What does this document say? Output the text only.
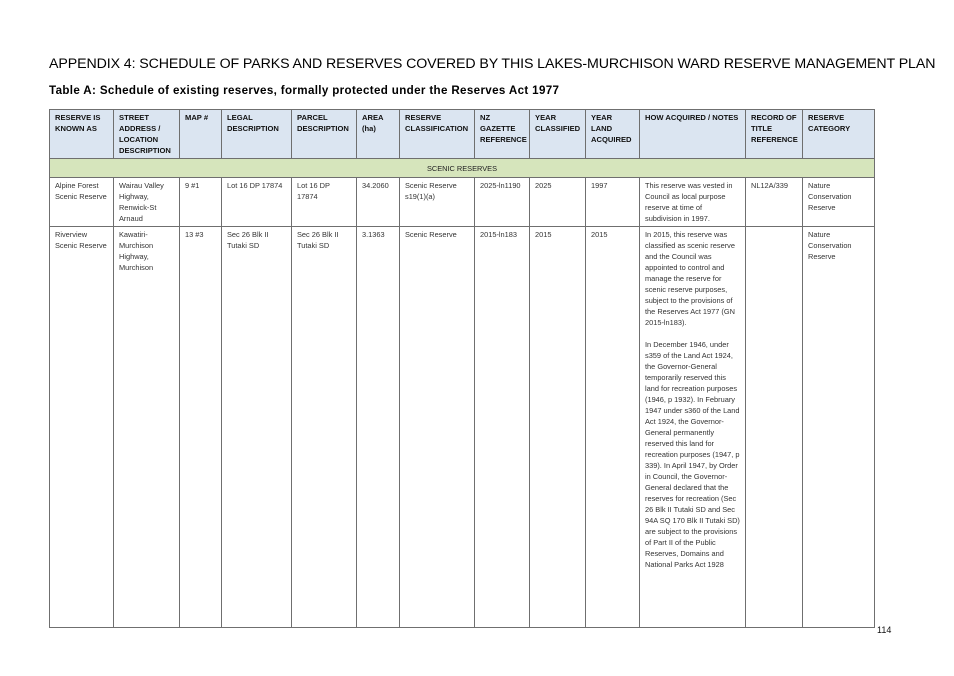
APPENDIX 4: SCHEDULE OF PARKS AND RESERVES COVERED BY THIS LAKES-MURCHISON WARD RESERVE MANAGEMENT PLAN
Table A: Schedule of existing reserves, formally protected under the Reserves Act 1977
RESERVE IS KNOWN AS	STREET ADDRESS / LOCATION DESCRIPTION	MAP #	LEGAL DESCRIPTION	PARCEL DESCRIPTION	AREA (ha)	RESERVE CLASSIFICATION	NZ GAZETTE REFERENCE	YEAR CLASSIFIED	YEAR LAND ACQUIRED	HOW ACQUIRED / NOTES	RECORD OF TITLE REFERENCE	RESERVE CATEGORY
SCENIC RESERVES												
Alpine Forest Scenic Reserve	Wairau Valley Highway, Renwick-St Arnaud	9 #1	Lot 16 DP 17874	Lot 16 DP 17874	34.2060	Scenic Reserve s19(1)(a)	2025-ln1190	2025	1997	This reserve was vested in Council as local purpose reserve at time of subdivision in 1997.	NL12A/339	Nature Conservation Reserve
Riverview Scenic Reserve	Kawatiri-Murchison Highway, Murchison	13 #3	Sec 26 Blk II Tutaki SD	Sec 26 Blk II Tutaki SD	3.1363	Scenic Reserve	2015-ln183	2015	2015	In 2015, this reserve was classified as scenic reserve and the Council was appointed to control and manage the reserve for scenic reserve purposes, subject to the provisions of the Reserves Act 1977 (GN 2015-ln183).

In December 1946, under s359 of the Land Act 1924, the Governor-General temporarily reserved this land for recreation purposes (1946, p 1932). In February 1947 under s360 of the Land Act 1924, the Governor-General permanently reserved this land for recreation purposes (1947, p 339). In April 1947, by Order in Council, the Governor-General declared that the reserves for recreation (Sec 26 Blk II Tutaki SD and Sec 94A SQ 170 Blk II Tutaki SD) are subject to the provisions of Part II of the Public Reserves, Domains and National Parks Act 1928		Nature Conservation Reserve
114
